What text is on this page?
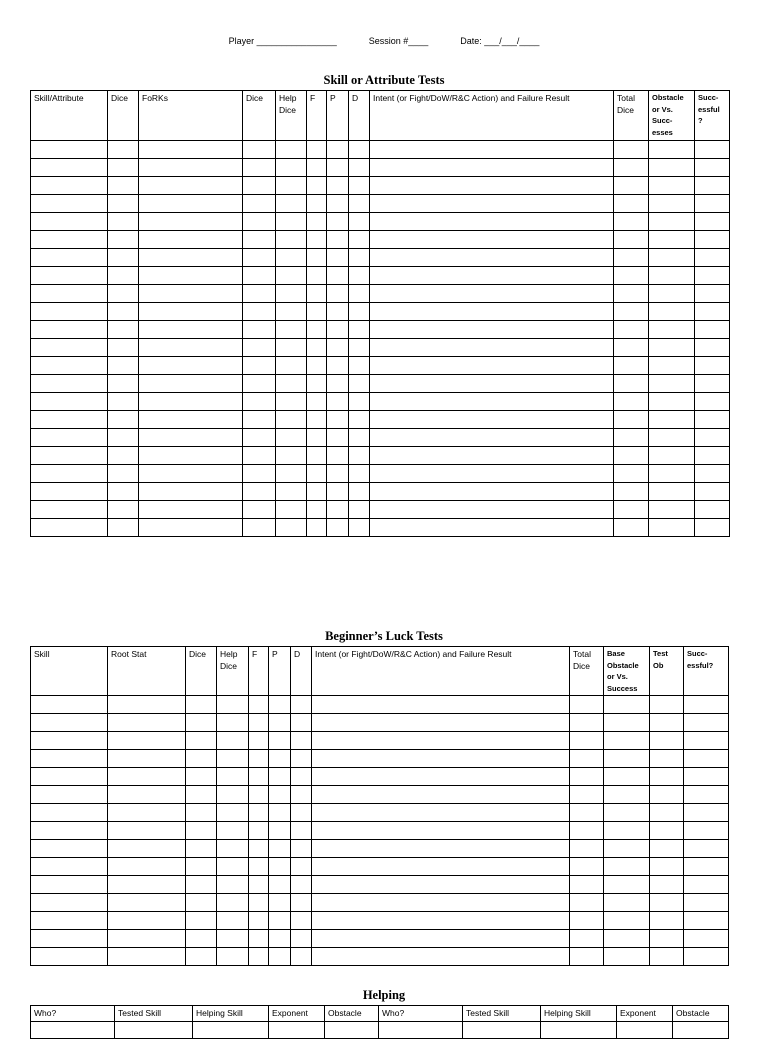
Player ________________	Session #____	Date: ___/___/____
Skill or Attribute Tests
Skill/Attribute	Dice	FoRKs	Dice	Help Dice	F	P	D	Intent (or Fight/DoW/R&C Action) and Failure Result	Total Dice	Obstacle or Vs. Succ-esses	Succ-essful ?

Beginner’s Luck Tests
Skill	Root Stat	Dice	Help Dice	F	P	D	Intent (or Fight/DoW/R&C Action) and Failure Result	Total Dice	Base Obstacle or Vs. Success	Test Ob	Succ-essful?

Helping
Who?	Tested Skill	Helping Skill	Exponent	Obstacle	Who?	Tested Skill	Helping Skill	Exponent	Obstacle
